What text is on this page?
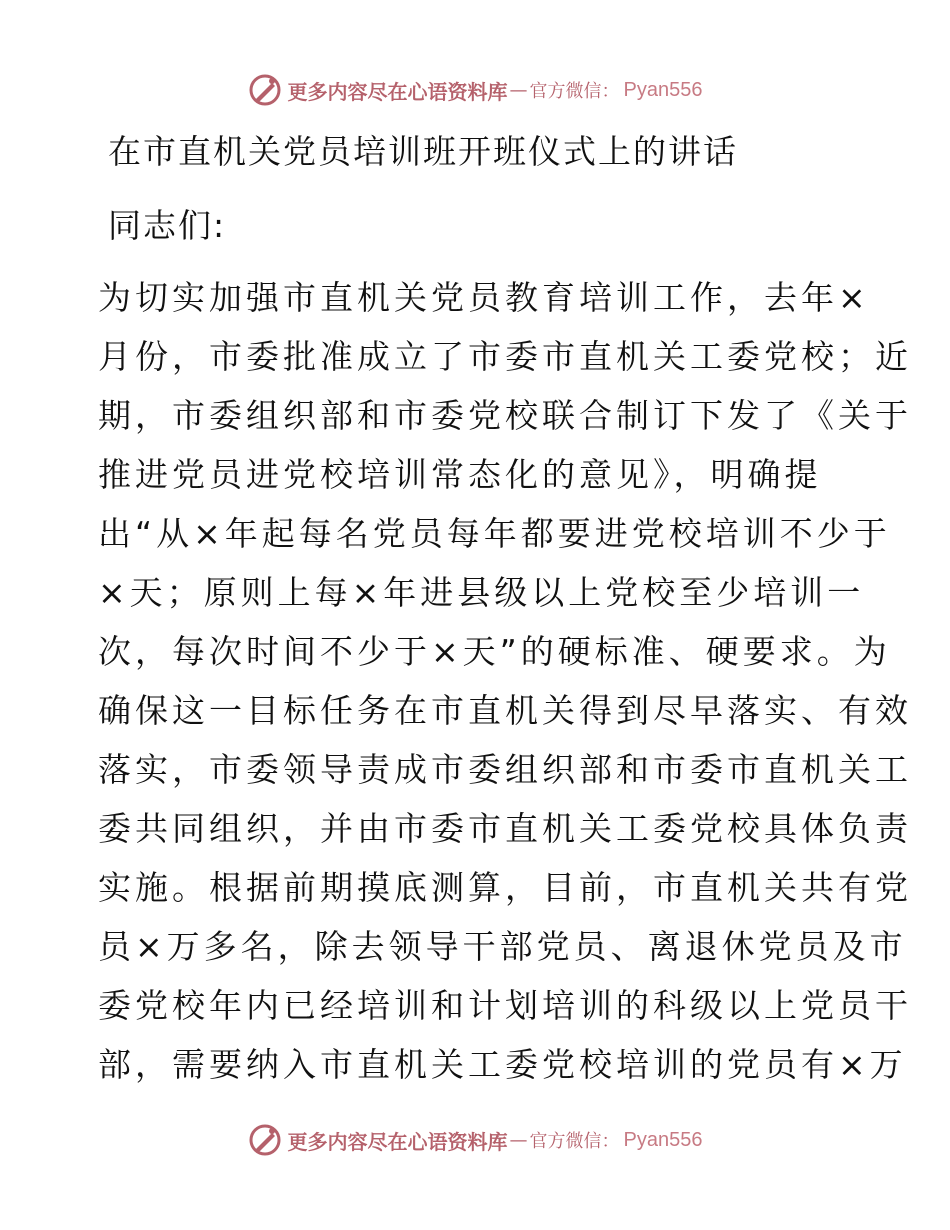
更多内容尽在心语资料库 — 官方微信： Pyan556
在市直机关党员培训班开班仪式上的讲话
同志们:
为切实加强市直机关党员教育培训工作，去年×
月份，市委批准成立了市委市直机关工委党校；近
期，市委组织部和市委党校联合制订下发了《关于
推进党员进党校培训常态化的意见》，明确提
出“从×年起每名党员每年都要进党校培训不少于
×天；原则上每×年进县级以上党校至少培训一
次，每次时间不少于×天”的硬标准、硬要求。为
确保这一目标任务在市直机关得到尽早落实、有效
落实，市委领导责成市委组织部和市委市直机关工
委共同组织，并由市委市直机关工委党校具体负责
实施。根据前期摸底测算，目前，市直机关共有党
员×万多名，除去领导干部党员、离退休党员及市
委党校年内已经培训和计划培训的科级以上党员干
部，需要纳入市直机关工委党校培训的党员有×万
更多内容尽在心语资料库 — 官方微信： Pyan556
